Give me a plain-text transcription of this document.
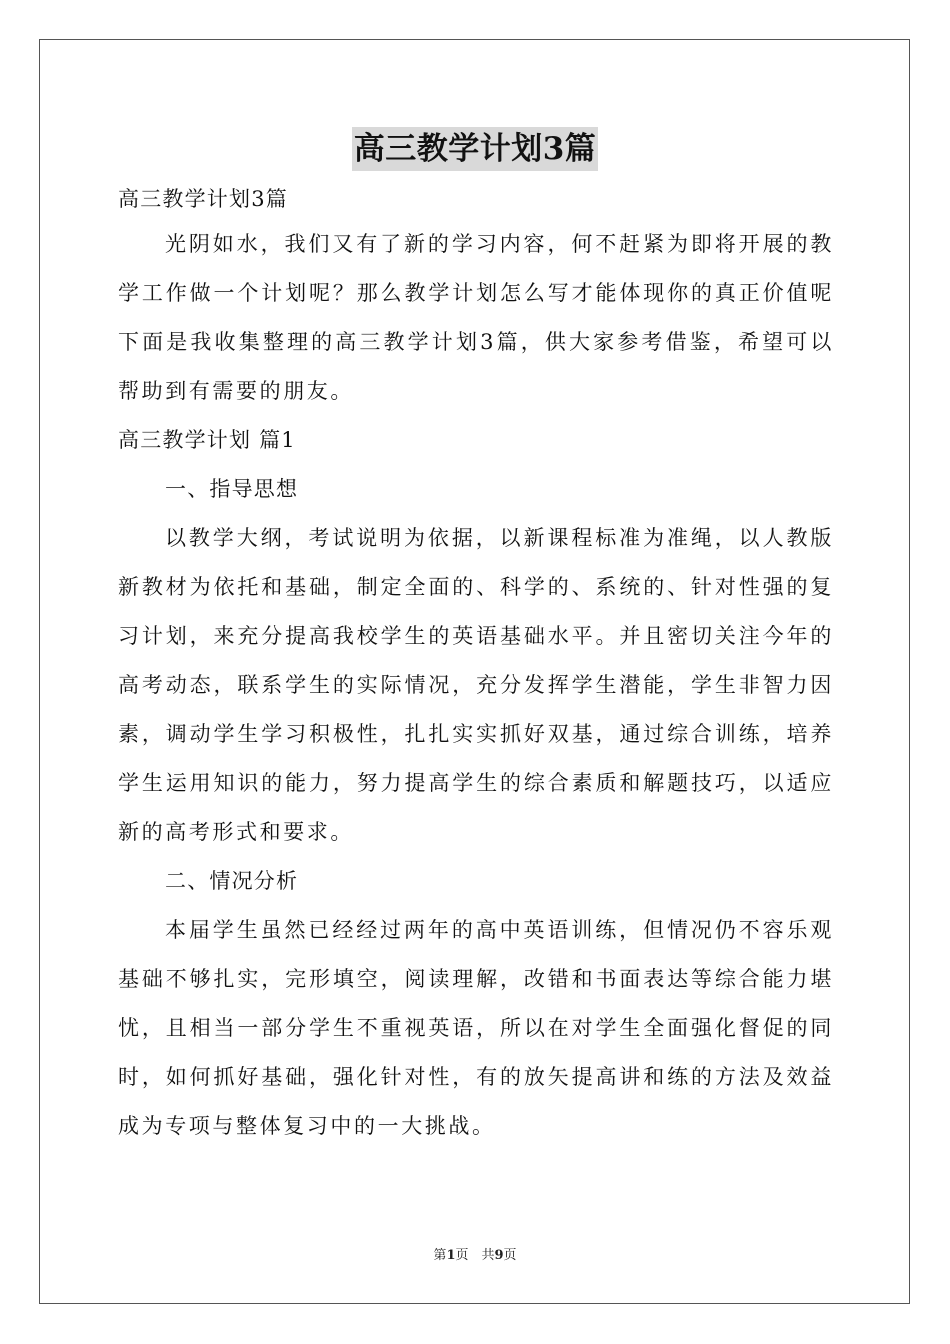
高三教学计划3篇

高三教学计划3篇

光阴如水，我们又有了新的学习内容，何不赶紧为即将开展的教学工作做一个计划呢？那么教学计划怎么写才能体现你的真正价值呢下面是我收集整理的高三教学计划3篇，供大家参考借鉴，希望可以帮助到有需要的朋友。

高三教学计划 篇1

一、指导思想

以教学大纲，考试说明为依据，以新课程标准为准绳，以人教版新教材为依托和基础，制定全面的、科学的、系统的、针对性强的复习计划，来充分提高我校学生的英语基础水平。并且密切关注今年的高考动态，联系学生的实际情况，充分发挥学生潜能，学生非智力因素，调动学生学习积极性，扎扎实实抓好双基，通过综合训练，培养学生运用知识的能力，努力提高学生的综合素质和解题技巧，以适应新的高考形式和要求。

二、情况分析

本届学生虽然已经经过两年的高中英语训练，但情况仍不容乐观基础不够扎实，完形填空，阅读理解，改错和书面表达等综合能力堪忧，且相当一部分学生不重视英语，所以在对学生全面强化督促的同时，如何抓好基础，强化针对性，有的放矢提高讲和练的方法及效益成为专项与整体复习中的一大挑战。

第1页　共9页
